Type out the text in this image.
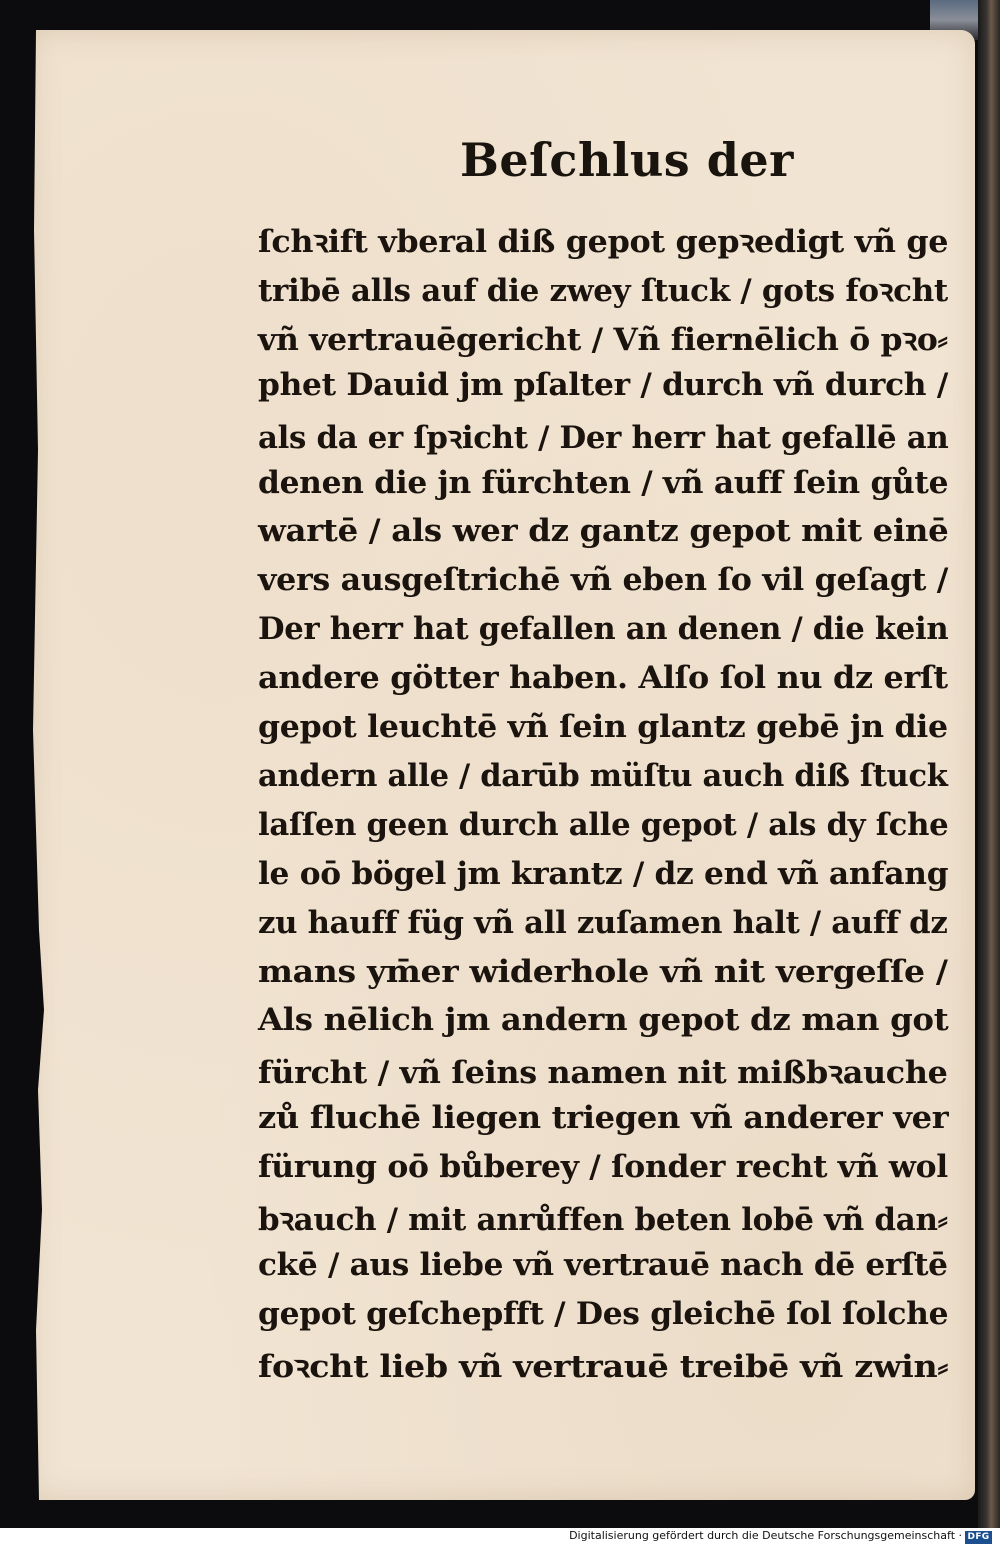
Beſchlus der
ſchꝛift vberal diß gepot gepꝛedigt vñ ge
tribē alls auf die zwey ſtuck / gots foꝛcht
vñ vertrauēgericht / Vñ fiernēlich ō pꝛo⸗
phet Dauid jm pſalter / durch vñ durch /
als da er ſpꝛicht / Der herr hat gefallē an
denen die jn fürchten / vñ auff ſein gůte
wartē / als wer dz gantz gepot mit einē
vers ausgeſtrichē vñ eben ſo vil geſagt /
Der herr hat gefallen an denen / die kein
andere götter haben. Alſo ſol nu dz erſt
gepot leuchtē vñ ſein glantz gebē jn die
andern alle / darūb müſtu auch diß ſtuck
laſſen geen durch alle gepot / als dy ſche
le oō bögel jm krantz / dz end vñ anfang
zu hauff füg vñ all zuſamen halt / auff dz
mans ym̄er widerhole vñ nit vergeſſe /
Als nēlich jm andern gepot dz man got
fürcht / vñ ſeins namen nit mißbꝛauche
zů fluchē liegen triegen vñ anderer ver
fürung oō bůberey / ſonder recht vñ wol
bꝛauch / mit anrůffen beten lobē vñ dan⸗
ckē / aus liebe vñ vertrauē nach dē erſtē
gepot geſchepfft / Des gleichē ſol ſolche
foꝛcht lieb vñ vertrauē treibē vñ zwin⸗
Digitalisierung gefördert durch die Deutsche Forschungsgemeinschaft · DFG
